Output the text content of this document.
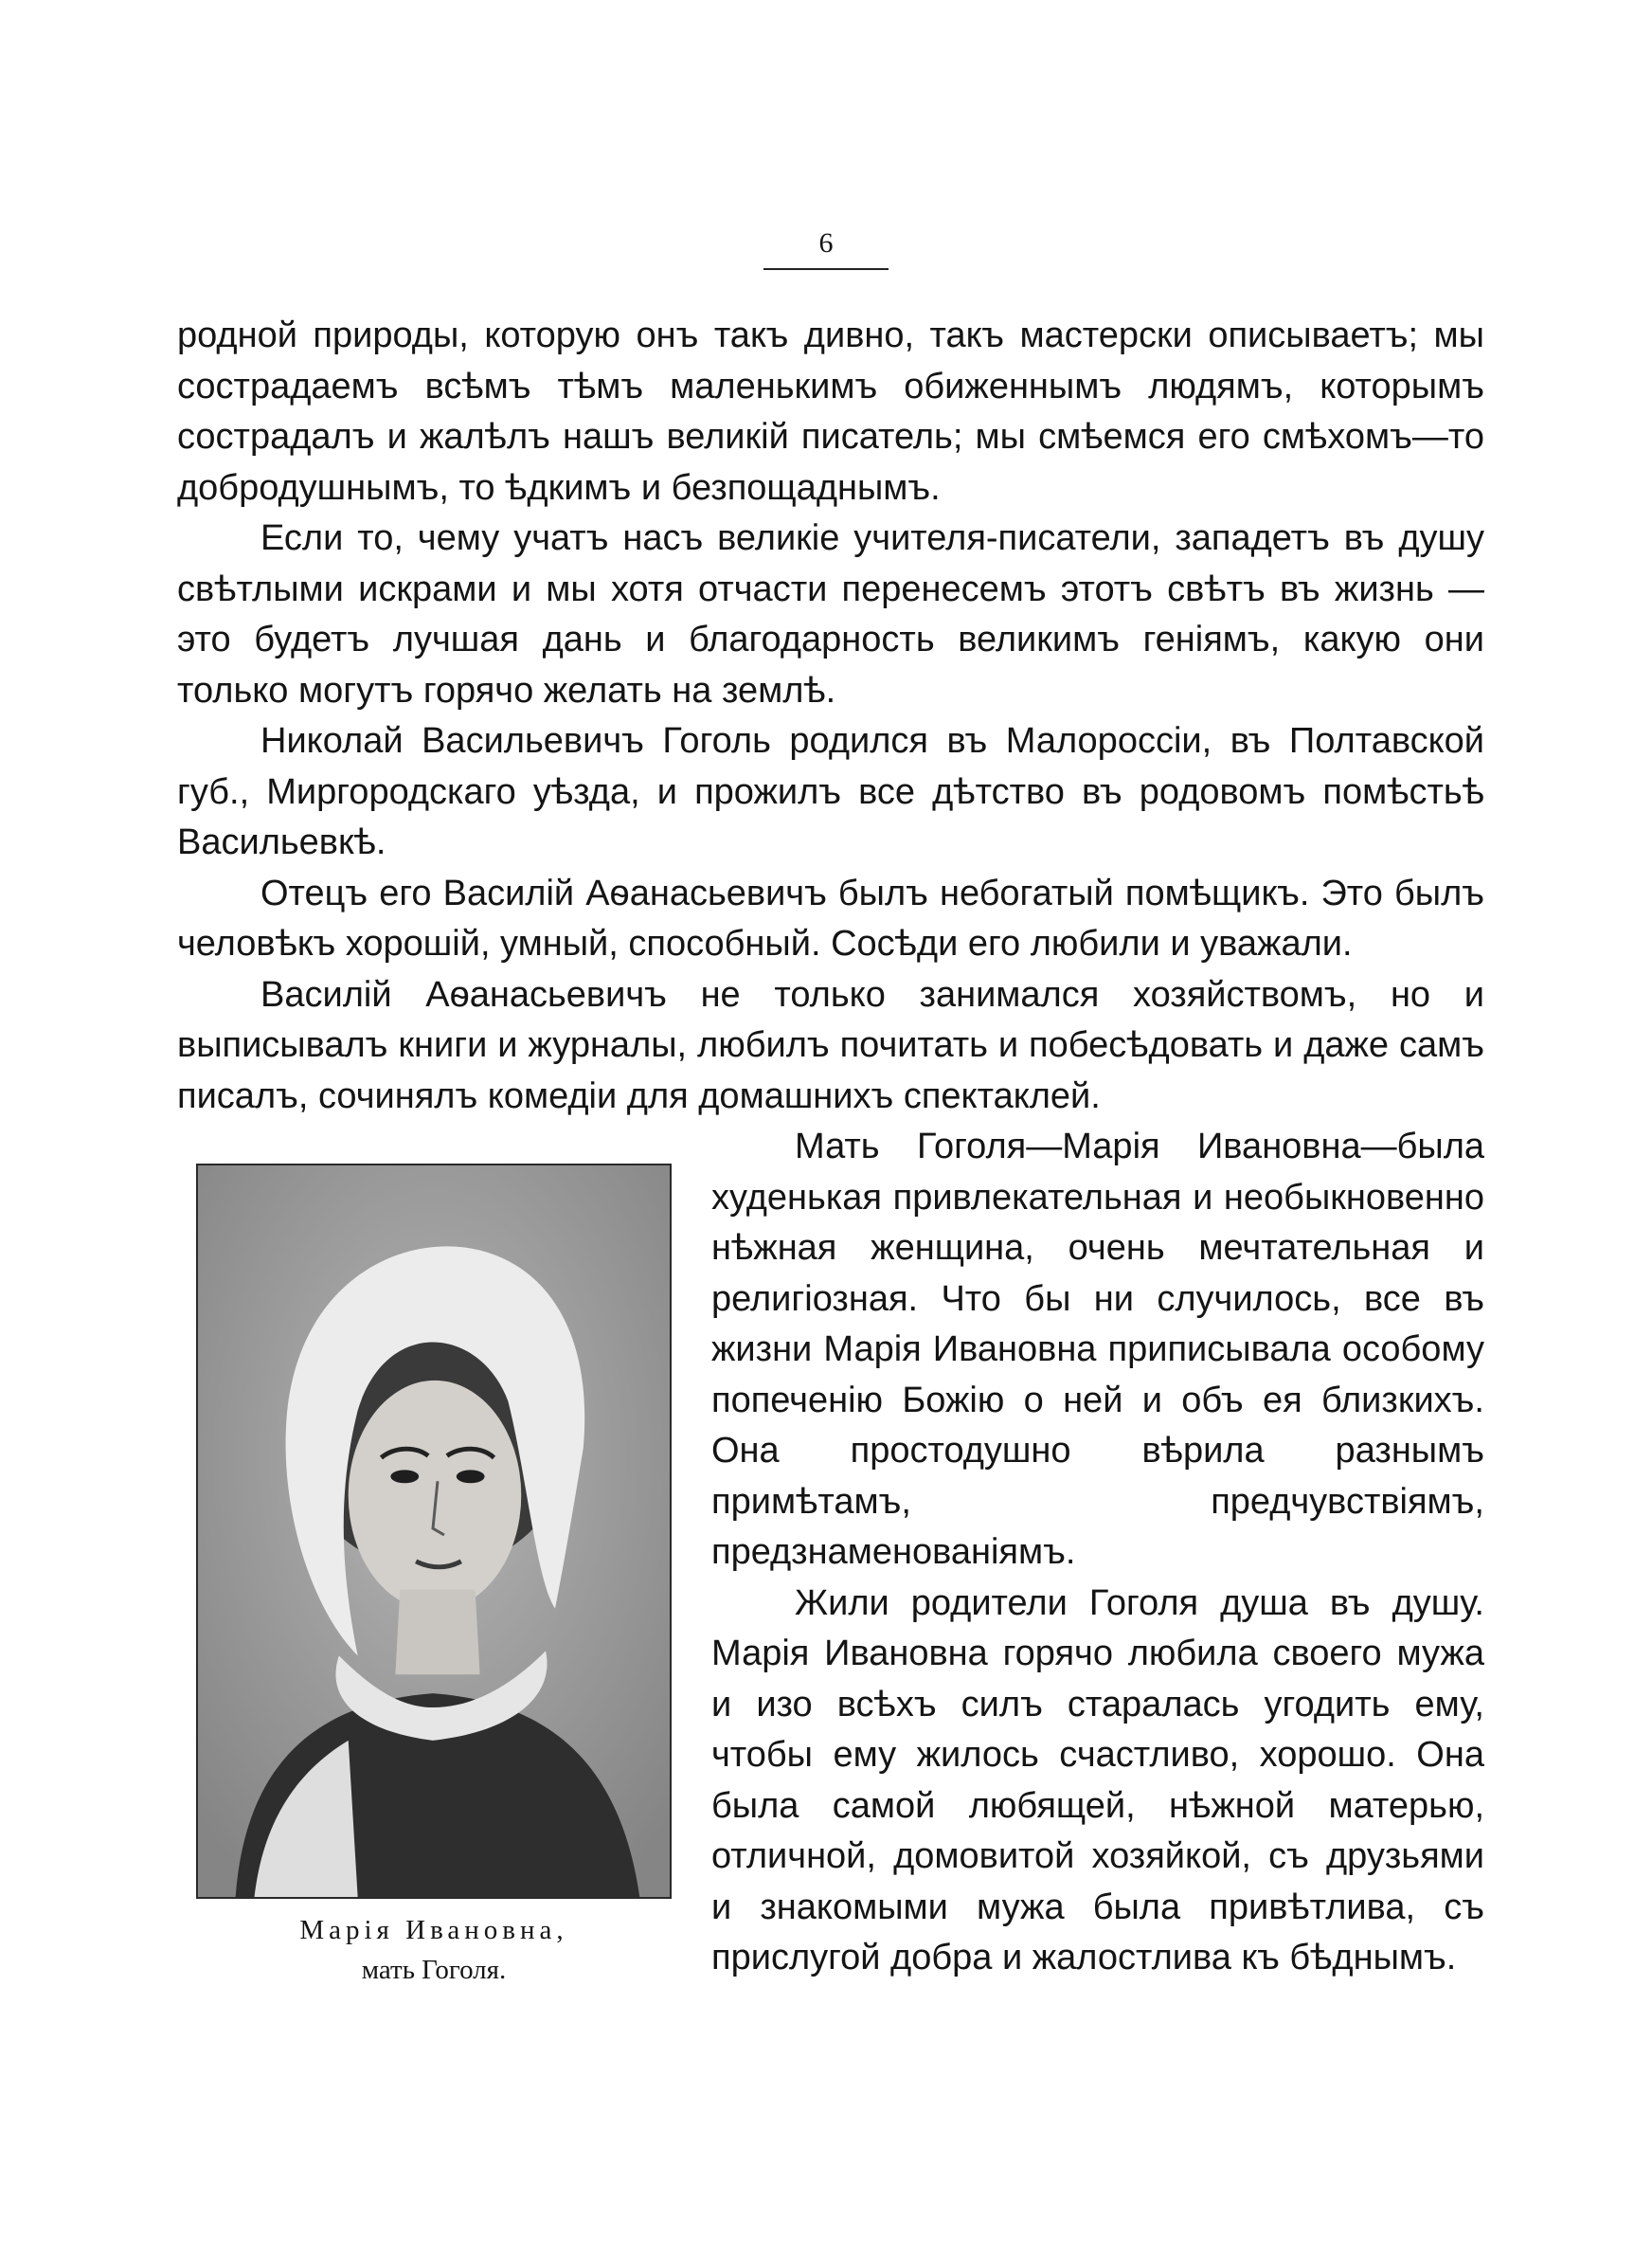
6

родной природы, которую онъ такъ дивно, такъ мастерски описываетъ; мы сострадаемъ всѣмъ тѣмъ маленькимъ обиженнымъ людямъ, которымъ сострадалъ и жалѣлъ нашъ великій писатель; мы смѣемся его смѣхомъ—то добродушнымъ, то ѣдкимъ и безпощаднымъ.

Если то, чему учатъ насъ великіе учителя-писатели, западетъ въ душу свѣтлыми искрами и мы хотя отчасти перенесемъ этотъ свѣтъ въ жизнь — это будетъ лучшая дань и благодарность великимъ геніямъ, какую они только могутъ горячо желать на землѣ.

Николай Васильевичъ Гоголь родился въ Малороссіи, въ Полтавской губ., Миргородскаго уѣзда, и прожилъ все дѣтство въ родовомъ помѣстьѣ Васильевкѣ.

Отецъ его Василій Аѳанасьевичъ былъ небогатый помѣщикъ. Это былъ человѣкъ хорошій, умный, способный. Сосѣди его любили и уважали.

Василій Аѳанасьевичъ не только занимался хозяйствомъ, но и выписывалъ книги и журналы, любилъ почитать и побесѣдовать и даже самъ писалъ, сочинялъ комедіи для домашнихъ спектаклей.

Марія Ивановна,
мать Гоголя.

Мать Гоголя—Марія Ивановна—была худенькая привлекательная и необыкновенно нѣжная женщина, очень мечтательная и религіозная. Что бы ни случилось, все въ жизни Марія Ивановна приписывала особому попеченію Божію о ней и объ ея близкихъ. Она простодушно вѣрила разнымъ примѣтамъ, предчувствіямъ, предзнаменованіямъ.

Жили родители Гоголя душа въ душу. Марія Ивановна горячо любила своего мужа и изо всѣхъ силъ старалась угодить ему, чтобы ему жилось счастливо, хорошо. Она была самой любящей, нѣжной матерью, отличной, домовитой хозяйкой, съ друзьями и знакомыми мужа была привѣтлива, съ прислугой добра и жалостлива къ бѣднымъ.
